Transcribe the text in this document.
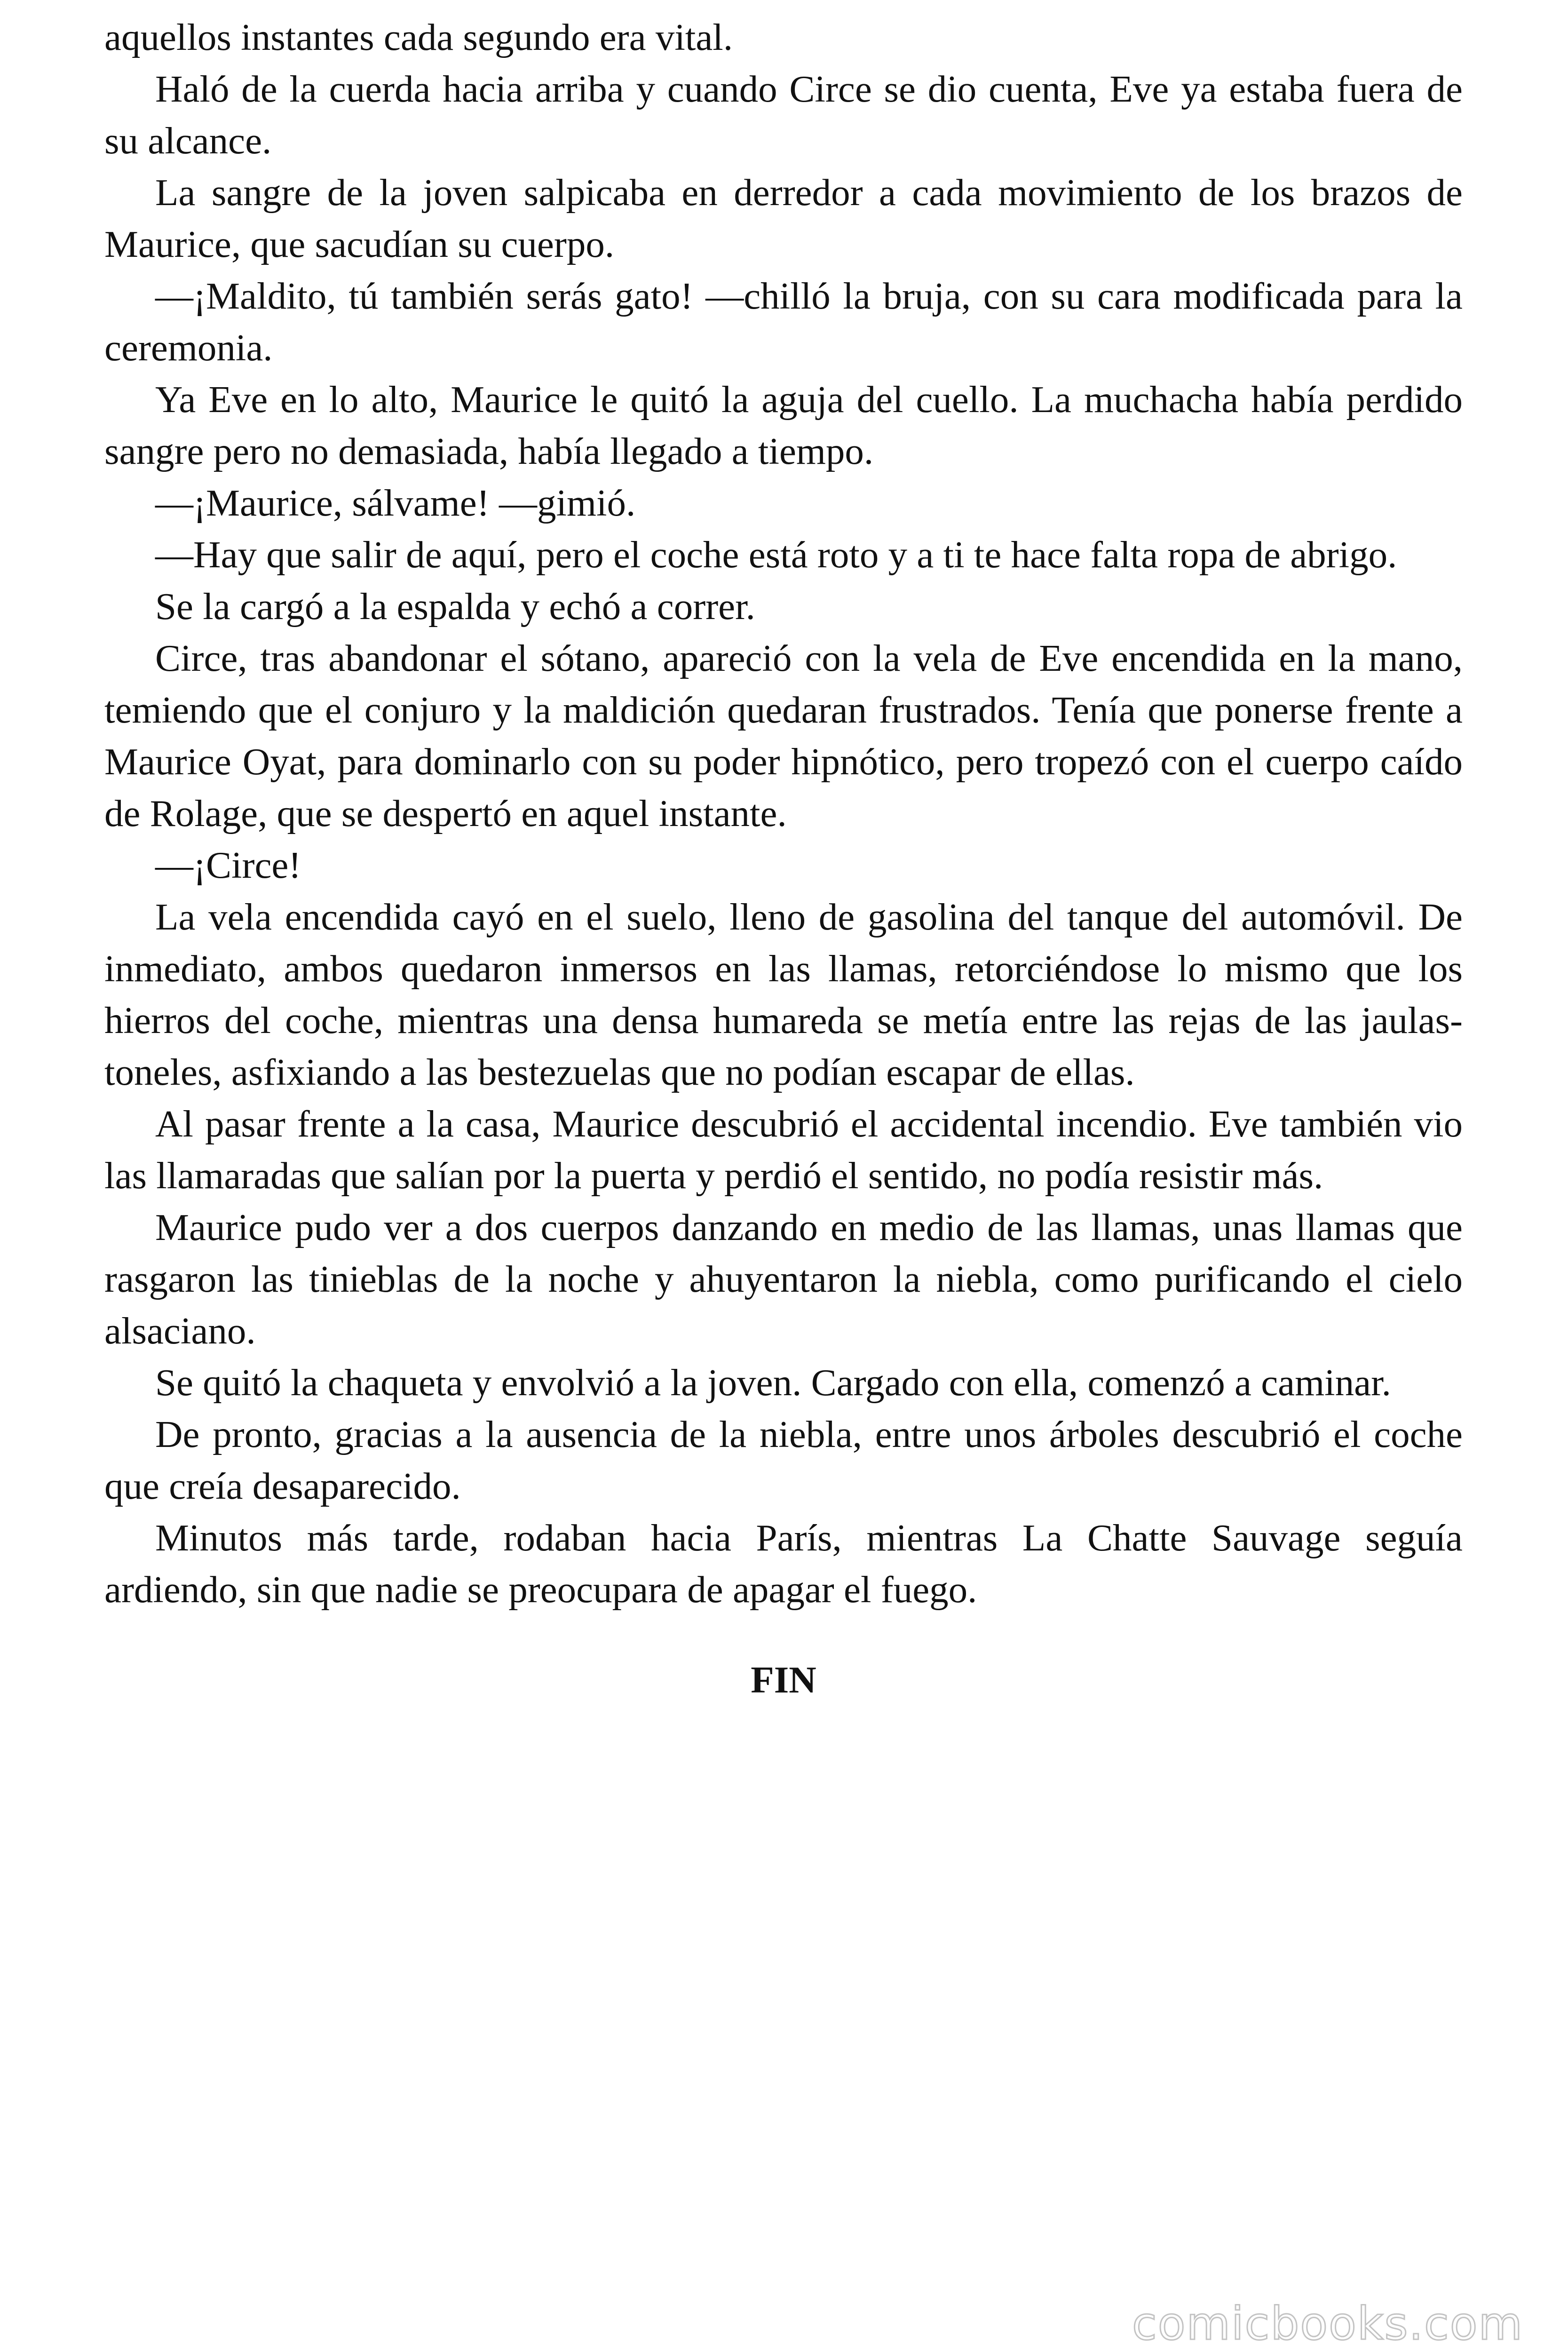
aquellos instantes cada segundo era vital.

Haló de la cuerda hacia arriba y cuando Circe se dio cuenta, Eve ya estaba fuera de su alcance.

La sangre de la joven salpicaba en derredor a cada movimiento de los brazos de Maurice, que sacudían su cuerpo.

—¡Maldito, tú también serás gato! —chilló la bruja, con su cara modificada para la ceremonia.

Ya Eve en lo alto, Maurice le quitó la aguja del cuello. La muchacha había perdido sangre pero no demasiada, había llegado a tiempo.

—¡Maurice, sálvame! —gimió.

—Hay que salir de aquí, pero el coche está roto y a ti te hace falta ropa de abrigo.

Se la cargó a la espalda y echó a correr.

Circe, tras abandonar el sótano, apareció con la vela de Eve encendida en la mano, temiendo que el conjuro y la maldición quedaran frustrados. Tenía que ponerse frente a Maurice Oyat, para dominarlo con su poder hipnótico, pero tropezó con el cuerpo caído de Rolage, que se despertó en aquel instante.

—¡Circe!

La vela encendida cayó en el suelo, lleno de gasolina del tanque del automóvil. De inmediato, ambos quedaron inmersos en las llamas, retorciéndose lo mismo que los hierros del coche, mientras una densa humareda se metía entre las rejas de las jaulas-toneles, asfixiando a las bestezuelas que no podían escapar de ellas.

Al pasar frente a la casa, Maurice descubrió el accidental incendio. Eve también vio las llamaradas que salían por la puerta y perdió el sentido, no podía resistir más.

Maurice pudo ver a dos cuerpos danzando en medio de las llamas, unas llamas que rasgaron las tinieblas de la noche y ahuyentaron la niebla, como purificando el cielo alsaciano.

Se quitó la chaqueta y envolvió a la joven. Cargado con ella, comenzó a caminar.

De pronto, gracias a la ausencia de la niebla, entre unos árboles descubrió el coche que creía desaparecido.

Minutos más tarde, rodaban hacia París, mientras La Chatte Sauvage seguía ardiendo, sin que nadie se preocupara de apagar el fuego.

FIN
comicbooks.com
